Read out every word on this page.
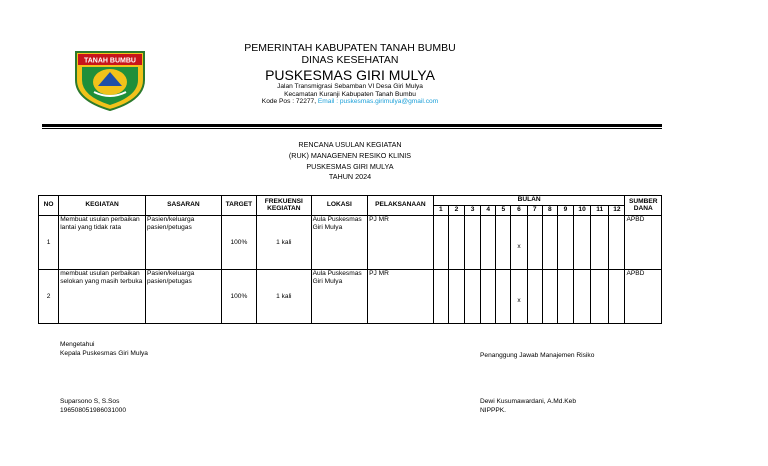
TANAH BUMBU
PEMERINTAH KABUPATEN TANAH BUMBU
DINAS KESEHATAN
PUSKESMAS GIRI MULYA
Jalan Transmigrasi Sebamban VI Desa Giri Mulya
Kecamatan Kuranji Kabupaten Tanah Bumbu
Kode Pos : 72277, Email : puskesmas.girimulya@gmail.com
RENCANA USULAN KEGIATAN
(RUK) MANAGENEN RESIKO KLINIS
PUSKESMAS GIRI MULYA
TAHUN 2024
NO	KEGIATAN	SASARAN	TARGET	FREKUENSI KEGIATAN	LOKASI	PELAKSANAAN	BULAN												SUMBER DANA
							1	2	3	4	5	6	7	8	9	10	11	12	
1	Membuat usulan perbaikan lantai yang tidak rata	Pasien/keluarga pasien/petugas	100%	1 kali	Aula Puskesmas Giri Mulya	PJ MR						x							APBD
2	membuat usulan perbaikan selokan yang masih terbuka	Pasien/keluarga pasien/petugas	100%	1 kali	Aula Puskesmas Giri Mulya	PJ MR						x							APBD
Mengetahui
Kepala Puskesmas Giri Mulya
Suparsono S, S.Sos
196508051986031000
Penanggung Jawab Manajemen Risiko
Dewi Kusumawardani, A.Md.Keb
NIPPPK.
